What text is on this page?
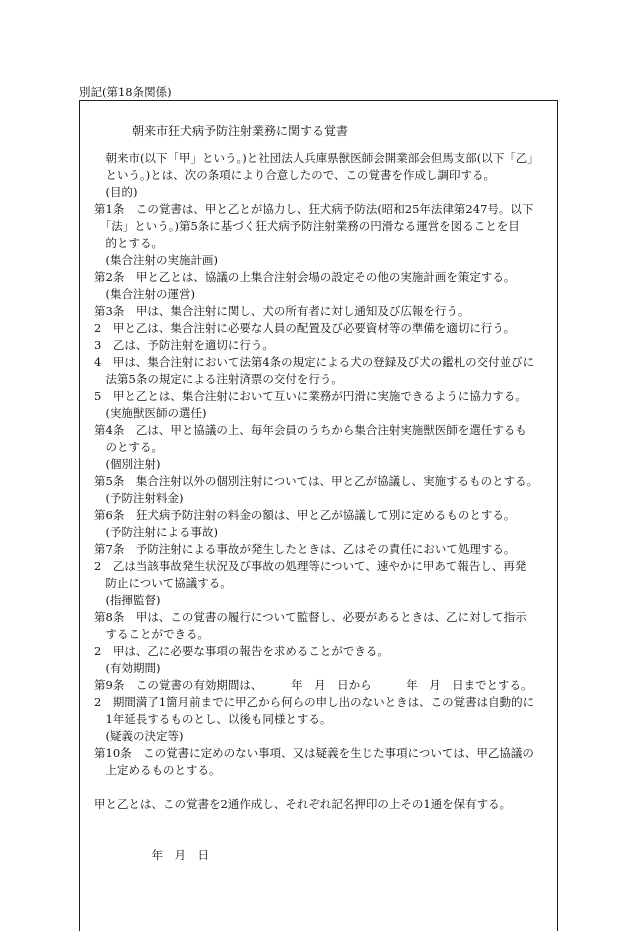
別記(第18条関係)
朝来市狂犬病予防注射業務に関する覚書
　朝来市(以下「甲」という。)と社団法人兵庫県獣医師会開業部会但馬支部(以下「乙」
　という。)とは、次の条項により合意したので、この覚書を作成し調印する。
　(目的)
第1条　この覚書は、甲と乙とが協力し、狂犬病予防法(昭和25年法律第247号。以下
　「法」という。)第5条に基づく狂犬病予防注射業務の円滑なる運営を図ることを目
　的とする。
　(集合注射の実施計画)
第2条　甲と乙とは、協議の上集合注射会場の設定その他の実施計画を策定する。
　(集合注射の運営)
第3条　甲は、集合注射に関し、犬の所有者に対し通知及び広報を行う。
2　甲と乙は、集合注射に必要な人員の配置及び必要資材等の準備を適切に行う。
3　乙は、予防注射を適切に行う。
4　甲は、集合注射において法第4条の規定による犬の登録及び犬の鑑札の交付並びに
　法第5条の規定による注射済票の交付を行う。
5　甲と乙とは、集合注射において互いに業務が円滑に実施できるように協力する。
　(実施獣医師の選任)
第4条　乙は、甲と協議の上、毎年会員のうちから集合注射実施獣医師を選任するも
　のとする。
　(個別注射)
第5条　集合注射以外の個別注射については、甲と乙が協議し、実施するものとする。
　(予防注射料金)
第6条　狂犬病予防注射の料金の額は、甲と乙が協議して別に定めるものとする。
　(予防注射による事故)
第7条　予防注射による事故が発生したときは、乙はその責任において処理する。
2　乙は当該事故発生状況及び事故の処理等について、速やかに甲あて報告し、再発
　防止について協議する。
　(指揮監督)
第8条　甲は、この覚書の履行について監督し、必要があるときは、乙に対して指示
　することができる。
2　甲は、乙に必要な事項の報告を求めることができる。
　(有効期間)
第9条　この覚書の有効期間は、　　　年　月　日から　　　年　月　日までとする。
2　期間満了1箇月前までに甲乙から何らの申し出のないときは、この覚書は自動的に
　1年延長するものとし、以後も同様とする。
　(疑義の決定等)
第10条　この覚書に定めのない事項、又は疑義を生じた事項については、甲乙協議の
　上定めるものとする。
甲と乙とは、この覚書を2通作成し、それぞれ記名押印の上その1通を保有する。
　　　　　年　月　日
